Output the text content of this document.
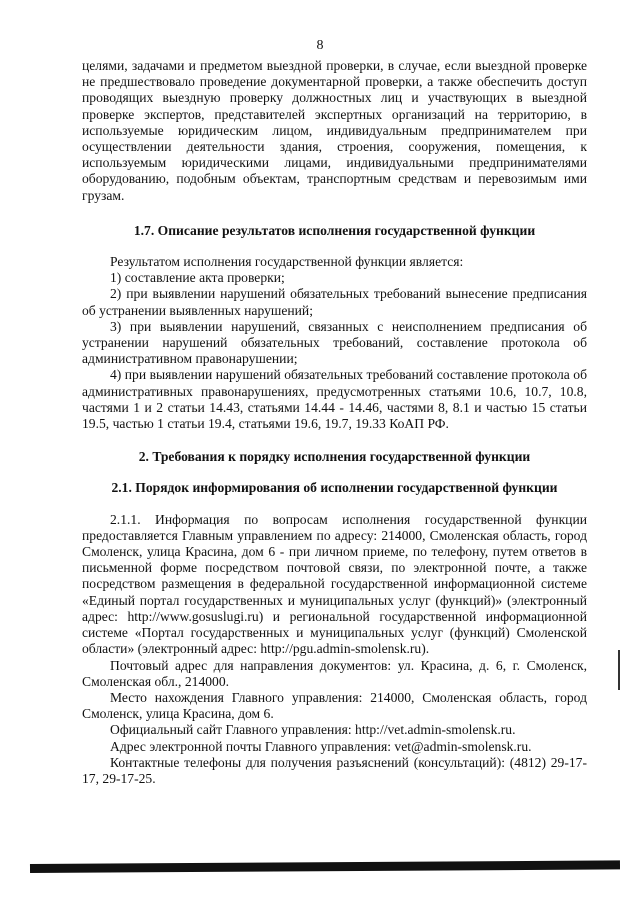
8

целями, задачами и предметом выездной проверки, в случае, если выездной проверке не предшествовало проведение документарной проверки, а также обеспечить доступ проводящих выездную проверку должностных лиц и участвующих в выездной проверке экспертов, представителей экспертных организаций на территорию, в используемые юридическим лицом, индивидуальным предпринимателем при осуществлении деятельности здания, строения, сооружения, помещения, к используемым юридическими лицами, индивидуальными предпринимателями оборудованию, подобным объектам, транспортным средствам и перевозимым ими грузам.

1.7. Описание результатов исполнения государственной функции

Результатом исполнения государственной функции является:

1) составление акта проверки;

2) при выявлении нарушений обязательных требований вынесение предписания об устранении выявленных нарушений;

3) при выявлении нарушений, связанных с неисполнением предписания об устранении нарушений обязательных требований, составление протокола об административном правонарушении;

4) при выявлении нарушений обязательных требований составление протокола об административных правонарушениях, предусмотренных статьями 10.6, 10.7, 10.8, частями 1 и 2 статьи 14.43, статьями 14.44 - 14.46, частями 8, 8.1 и частью 15 статьи 19.5, частью 1 статьи 19.4, статьями 19.6, 19.7, 19.33 КоАП РФ.

2. Требования к порядку исполнения государственной функции

2.1. Порядок информирования об исполнении государственной функции

2.1.1. Информация по вопросам исполнения государственной функции предоставляется Главным управлением по адресу: 214000, Смоленская область, город Смоленск, улица Красина, дом 6 - при личном приеме, по телефону, путем ответов в письменной форме посредством почтовой связи, по электронной почте, а также посредством размещения в федеральной государственной информационной системе «Единый портал государственных и муниципальных услуг (функций)» (электронный адрес: http://www.gosuslugi.ru) и региональной государственной информационной системе «Портал государственных и муниципальных услуг (функций) Смоленской области» (электронный адрес: http://pgu.admin-smolensk.ru).

Почтовый адрес для направления документов: ул. Красина, д. 6, г. Смоленск, Смоленская обл., 214000.

Место нахождения Главного управления: 214000, Смоленская область, город Смоленск, улица Красина, дом 6.

Официальный сайт Главного управления: http://vet.admin-smolensk.ru.

Адрес электронной почты Главного управления: vet@admin-smolensk.ru.

Контактные телефоны для получения разъяснений (консультаций): (4812) 29-17-17, 29-17-25.
